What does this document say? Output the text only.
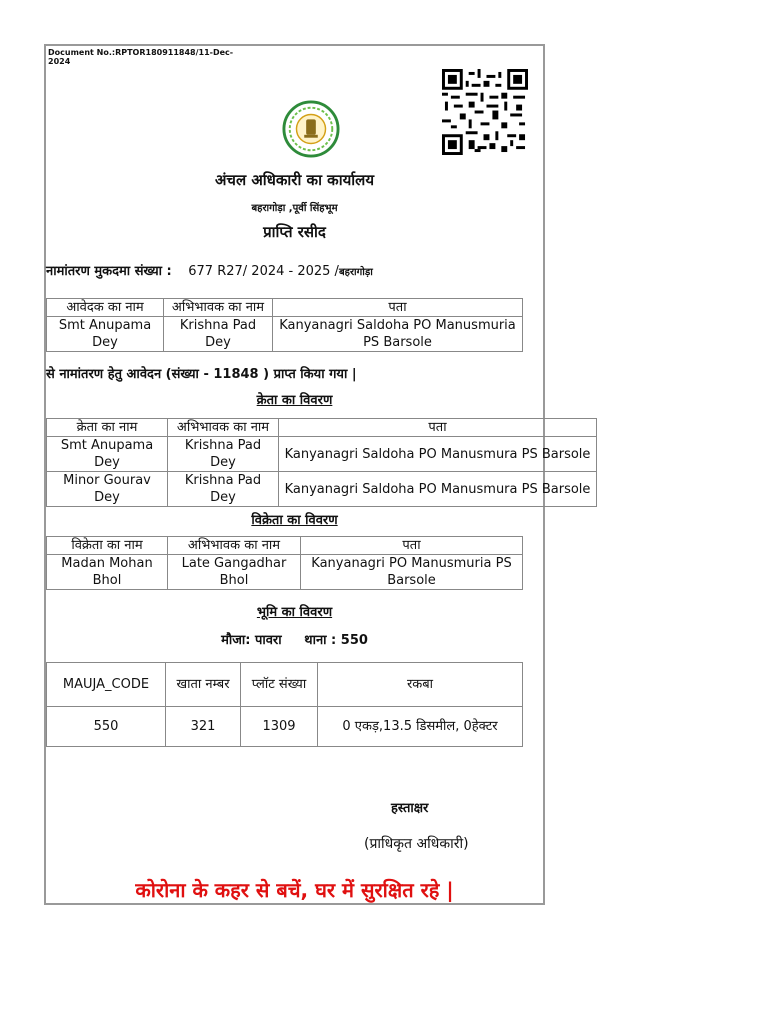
Document No.:RPTOR180911848/11-Dec-2024
अंचल अधिकारी का कार्यालय
बहरागोड़ा ,पूर्वी सिंहभूम
प्राप्ति रसीद
नामांतरण मुकदमा संख्या : 677 R27/ 2024 - 2025 /बहरागोड़ा
आवेदक का नाम	अभिभावक का नाम	पता
Smt Anupama Dey	Krishna Pad Dey	Kanyanagri Saldoha PO Manusmuria PS Barsole
से नामांतरण हेतु आवेदन (संख्या - 11848 ) प्राप्त किया गया |
क्रेता का विवरण
क्रेता का नाम	अभिभावक का नाम	पता
Smt Anupama Dey	Krishna Pad Dey	Kanyanagri Saldoha PO Manusmura PS Barsole
Minor Gourav Dey	Krishna Pad Dey	Kanyanagri Saldoha PO Manusmura PS Barsole
विक्रेता का विवरण
विक्रेता का नाम	अभिभावक का नाम	पता
Madan Mohan Bhol	Late Gangadhar Bhol	Kanyanagri PO Manusmuria PS Barsole
भूमि का विवरण
मौजा: पावरा थाना : 550
MAUJA_CODE	खाता नम्बर	प्लॉट संख्या	रकबा
550	321	1309	0 एकड़,13.5 डिसमील, 0हेक्टर
हस्ताक्षर
(प्राधिकृत अधिकारी)
कोरोना के कहर से बचें, घर में सुरक्षित रहे |
